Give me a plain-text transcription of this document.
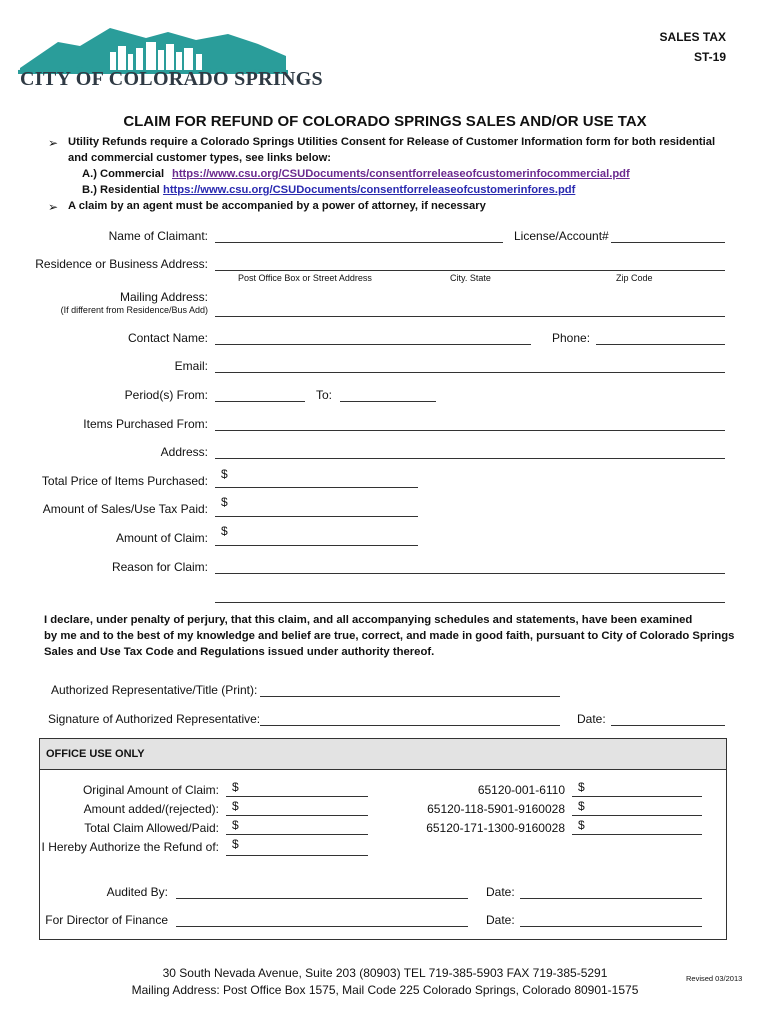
CITY OF COLORADO SPRINGS
SALES TAX
ST-19
CLAIM FOR REFUND OF COLORADO SPRINGS SALES AND/OR USE TAX
➢ Utility Refunds require a Colorado Springs Utilities Consent for Release of Customer Information form for both residential
and commercial customer types, see links below:
A.) Commercial https://www.csu.org/CSUDocuments/consentforreleaseofcustomerinfocommercial.pdf
B.) Residential https://www.csu.org/CSUDocuments/consentforreleaseofcustomerinfores.pdf
➢ A claim by an agent must be accompanied by a power of attorney, if necessary
Name of Claimant:	License/Account#
Residence or Business Address:
Post Office Box or Street Address	City. State	Zip Code
Mailing Address:
(If different from Residence/Bus Add)
Contact Name:	Phone:
Email:
Period(s) From:	To:
Items Purchased From:
Address:
Total Price of Items Purchased: $
Amount of Sales/Use Tax Paid: $
Amount of Claim: $
Reason for Claim:
I declare, under penalty of perjury, that this claim, and all accompanying schedules and statements, have been examined
by me and to the best of my knowledge and belief are true, correct, and made in good faith, pursuant to City of Colorado Springs
Sales and Use Tax Code and Regulations issued under authority thereof.
Authorized Representative/Title (Print):
Signature of Authorized Representative:	Date:
OFFICE USE ONLY
Original Amount of Claim: $
Amount added/(rejected): $
Total Claim Allowed/Paid: $
I Hereby Authorize the Refund of: $
65120-001-6110 $
65120-118-5901-9160028 $
65120-171-1300-9160028 $
Audited By:	Date:
For Director of Finance	Date:
30 South Nevada Avenue, Suite 203 (80903) TEL 719-385-5903 FAX 719-385-5291
Mailing Address: Post Office Box 1575, Mail Code 225 Colorado Springs, Colorado 80901-1575
Revised 03/2013
